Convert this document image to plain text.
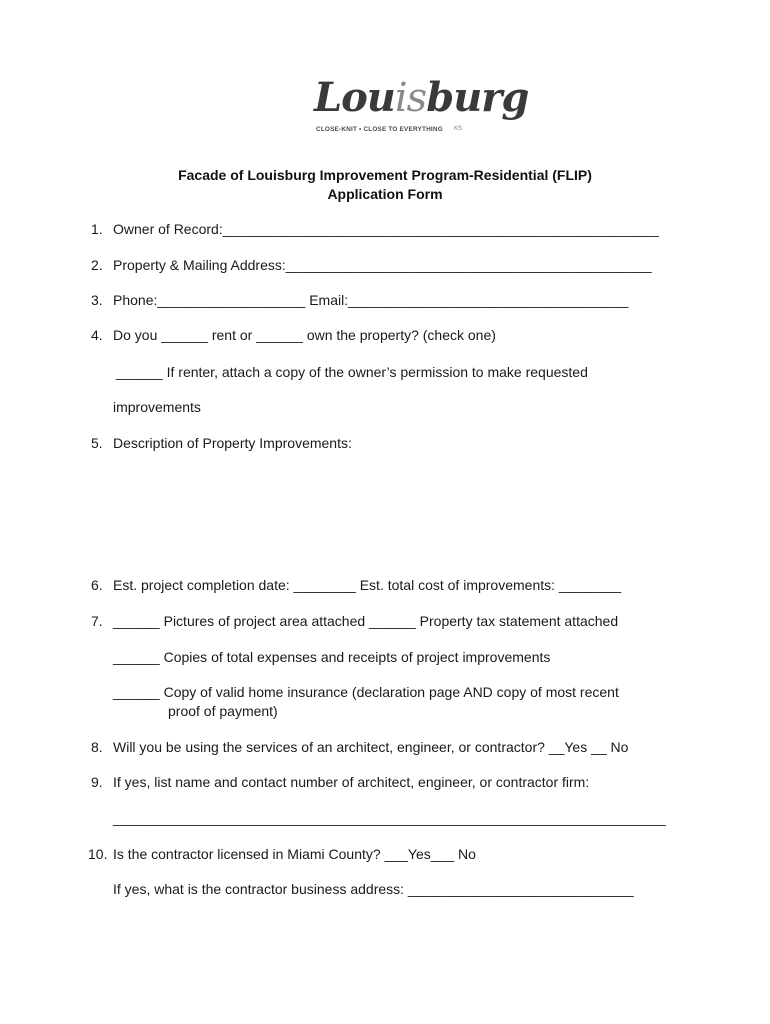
Louisburg
CLOSE-KNIT • CLOSE TO EVERYTHING KS
Facade of Louisburg Improvement Program-Residential (FLIP)
Application Form
1. Owner of Record:________________________________________________________
2. Property & Mailing Address:_______________________________________________
3. Phone:___________________ Email:____________________________________
4. Do you ______ rent or ______ own the property? (check one)
______ If renter, attach a copy of the owner’s permission to make requested
improvements
5. Description of Property Improvements:
6. Est. project completion date: ________ Est. total cost of improvements: ________
7. ______ Pictures of project area attached ______ Property tax statement attached
______ Copies of total expenses and receipts of project improvements
______ Copy of valid home insurance (declaration page AND copy of most recent
proof of payment)
8. Will you be using the services of an architect, engineer, or contractor? __Yes __ No
9. If yes, list name and contact number of architect, engineer, or contractor firm:
_______________________________________________________________________
10. Is the contractor licensed in Miami County? ___Yes___ No
If yes, what is the contractor business address: _____________________________
